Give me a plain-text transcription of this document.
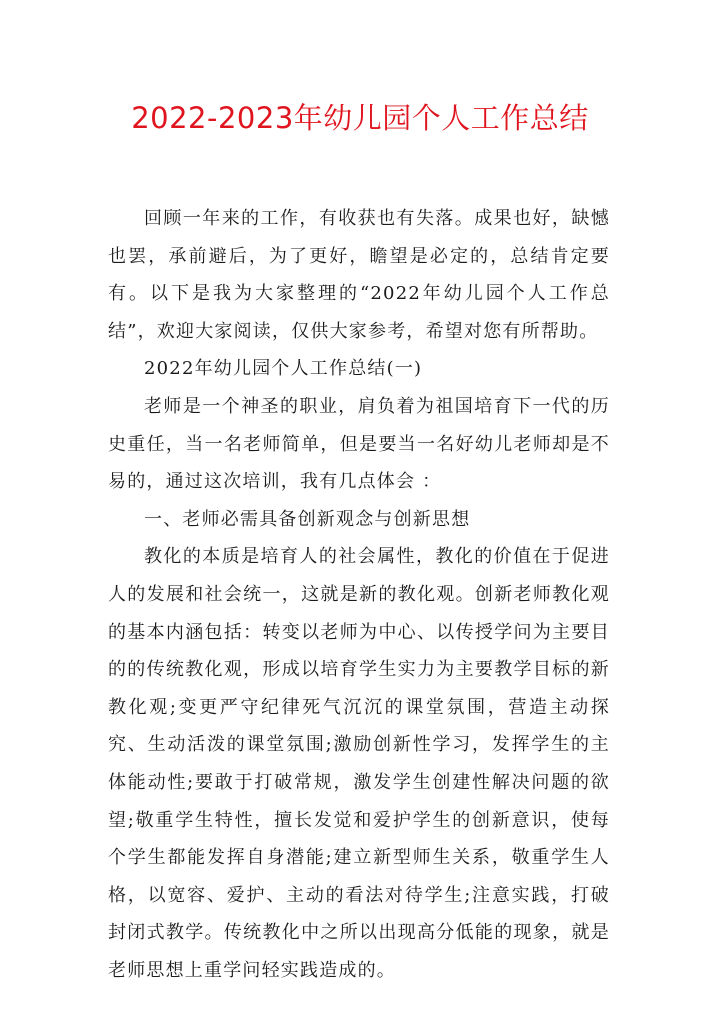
2022-2023年幼儿园个人工作总结

回顾一年来的工作，有收获也有失落。成果也好，缺憾也罢，承前避后，为了更好，瞻望是必定的，总结肯定要有。以下是我为大家整理的“2022年幼儿园个人工作总结”，欢迎大家阅读，仅供大家参考，希望对您有所帮助。

2022年幼儿园个人工作总结(一)

老师是一个神圣的职业，肩负着为祖国培育下一代的历史重任，当一名老师简单，但是要当一名好幼儿老师却是不易的，通过这次培训，我有几点体会 ：

一、老师必需具备创新观念与创新思想

教化的本质是培育人的社会属性，教化的价值在于促进人的发展和社会统一，这就是新的教化观。创新老师教化观的基本内涵包括：转变以老师为中心、以传授学问为主要目的的传统教化观，形成以培育学生实力为主要教学目标的新教化观;变更严守纪律死气沉沉的课堂氛围，营造主动探究、生动活泼的课堂氛围;激励创新性学习，发挥学生的主体能动性;要敢于打破常规，激发学生创建性解决问题的欲望;敬重学生特性，擅长发觉和爱护学生的创新意识，使每个学生都能发挥自身潜能;建立新型师生关系，敬重学生人格，以宽容、爱护、主动的看法对待学生;注意实践，打破封闭式教学。传统教化中之所以出现高分低能的现象，就是老师思想上重学问轻实践造成的。
